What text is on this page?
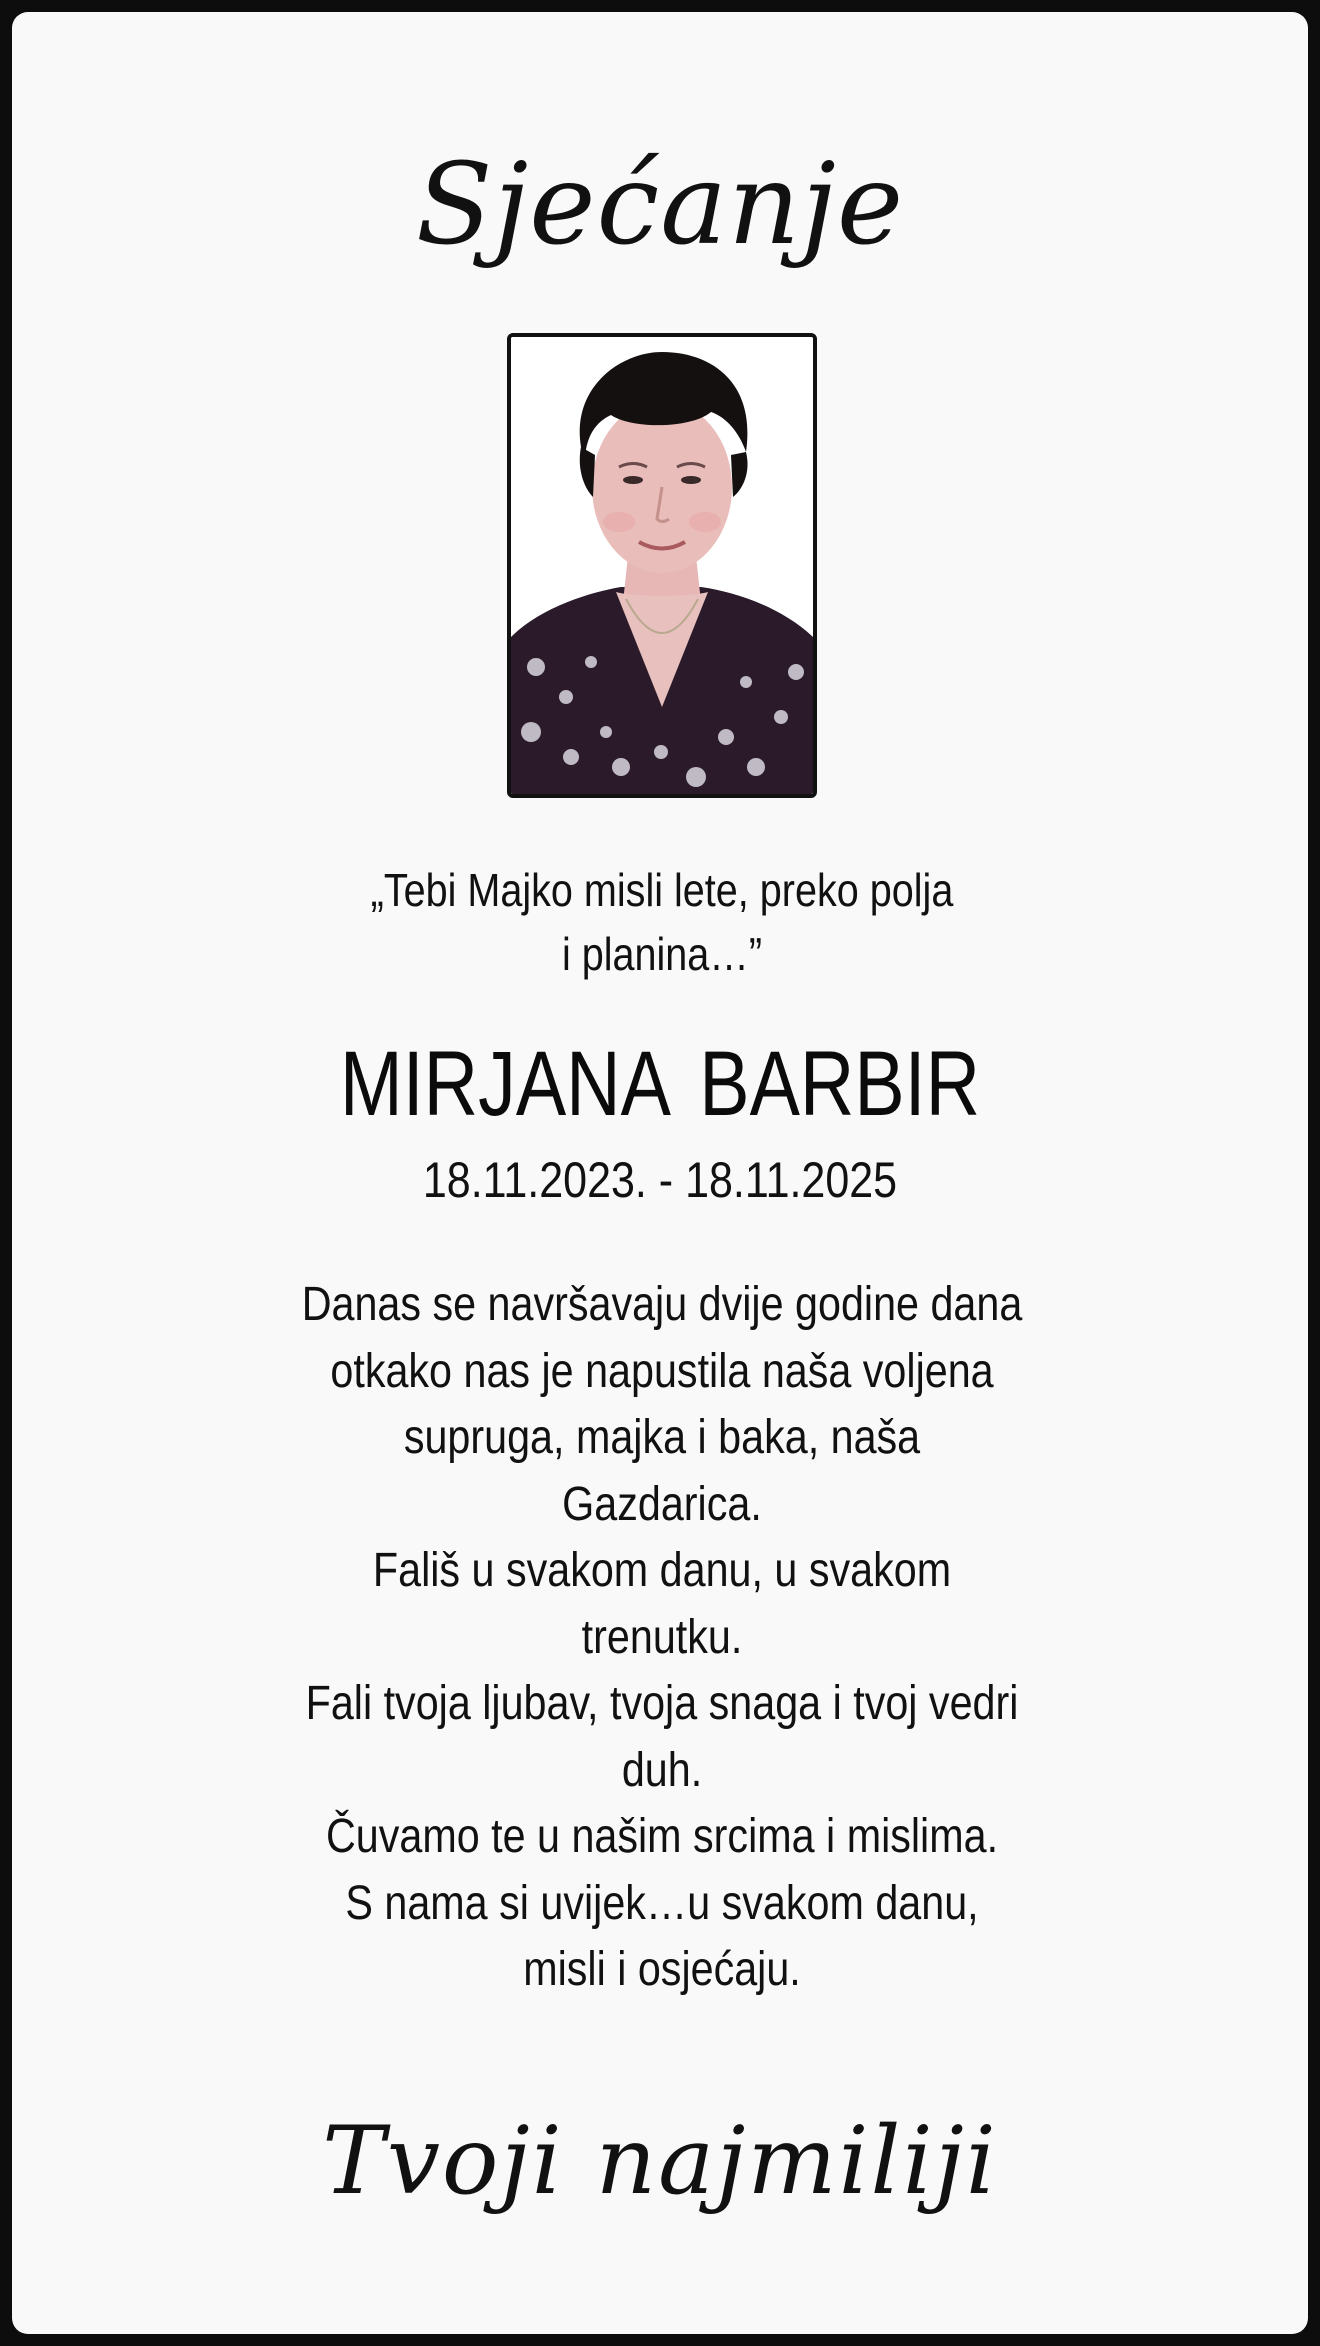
Sjećanje
„Tebi Majko misli lete, preko polja i planina…”
MIRJANA BARBIR
18.11.2023. - 18.11.2025

Danas se navršavaju dvije godine dana otkako nas je napustila naša voljena supruga, majka i baka, naša Gazdarica.

Fališ u svakom danu, u svakom trenutku.

Fali tvoja ljubav, tvoja snaga i tvoj vedri duh.

Čuvamo te u našim srcima i mislima.

S nama si uvijek…u svakom danu, misli i osjećaju.

Tvoji najmiliji
